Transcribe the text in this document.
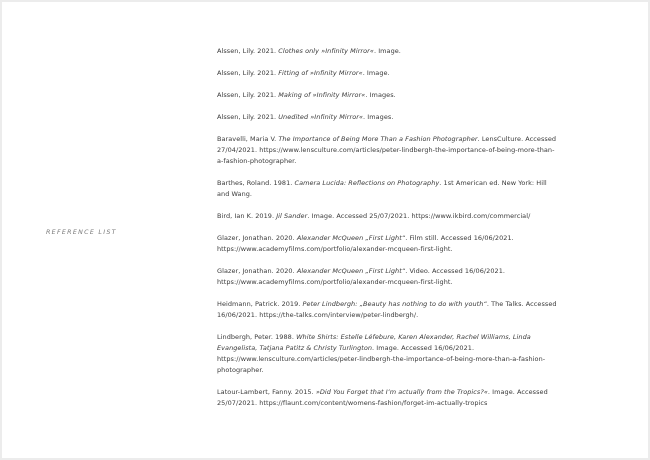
REFERENCE LIST
Alssen, Lily. 2021. Clothes only »Infinity Mirror«. Image.
Alssen, Lily. 2021. Fitting of »Infinity Mirror«. Image.
Alssen, Lily. 2021. Making of »Infinity Mirror«. Images.
Alssen, Lily. 2021. Unedited »Infinity Mirror«. Images.
Baravelli, Maria V. The Importance of Being More Than a Fashion Photographer. LensCulture. Accessed 27/04/2021. https://www.lensculture.com/articles/peter-lindbergh-the-importance-of-being-more-than-a-fashion-photographer.
Barthes, Roland. 1981. Camera Lucida: Reflections on Photography. 1st American ed. New York: Hill and Wang.
Bird, Ian K. 2019. Jil Sander. Image. Accessed 25/07/2021. https://www.ikbird.com/commercial/
Glazer, Jonathan. 2020. Alexander McQueen „First Light“. Film still. Accessed 16/06/2021. https://www.academyfilms.com/portfolio/alexander-mcqueen-first-light.
Glazer, Jonathan. 2020. Alexander McQueen „First Light“. Video. Accessed 16/06/2021. https://www.academyfilms.com/portfolio/alexander-mcqueen-first-light.
Heidmann, Patrick. 2019. Peter Lindbergh: „Beauty has nothing to do with youth“. The Talks. Accessed 16/06/2021. https://the-talks.com/interview/peter-lindbergh/.
Lindbergh, Peter. 1988. White Shirts: Estelle Léfebure, Karen Alexander, Rachel Williams, Linda Evangelista, Tatjana Patitz & Christy Turlington. Image. Accessed 16/06/2021. https://www.lensculture.com/articles/peter-lindbergh-the-importance-of-being-more-than-a-fashion-photographer.
Latour-Lambert, Fanny. 2015. »Did You Forget that I’m actually from the Tropics?«. Image. Accessed 25/07/2021. https://flaunt.com/content/womens-fashion/forget-im-actually-tropics
